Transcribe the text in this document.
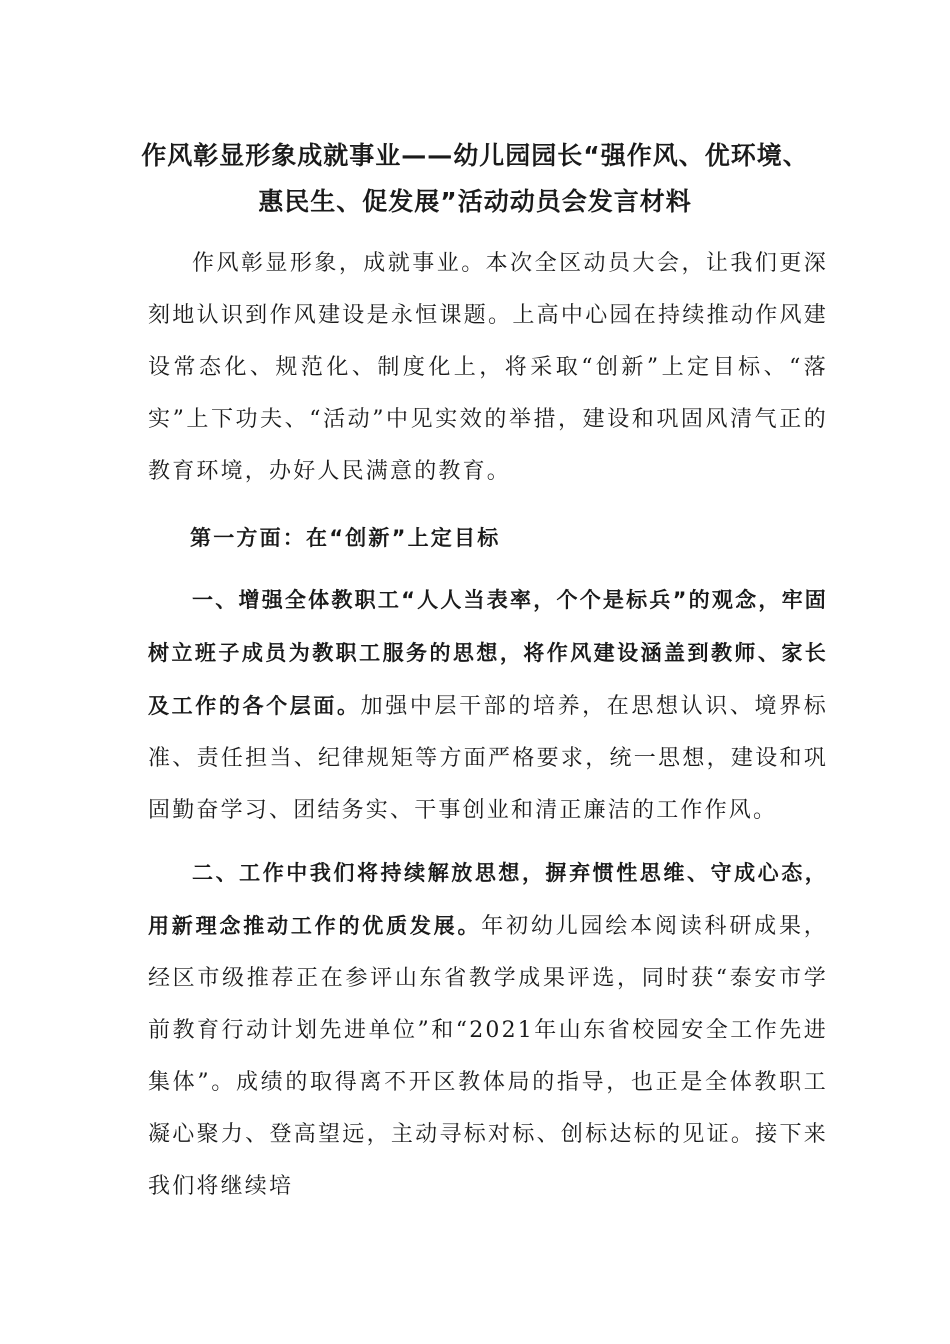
作风彰显形象成就事业——幼儿园园长“强作风、优环境、
惠民生、促发展”活动动员会发言材料

作风彰显形象，成就事业。本次全区动员大会，让我们更深刻地认识到作风建设是永恒课题。上高中心园在持续推动作风建设常态化、规范化、制度化上，将采取“创新”上定目标、“落实”上下功夫、“活动”中见实效的举措，建设和巩固风清气正的教育环境，办好人民满意的教育。

第一方面：在“创新”上定目标

一、增强全体教职工“人人当表率，个个是标兵”的观念，牢固树立班子成员为教职工服务的思想，将作风建设涵盖到教师、家长及工作的各个层面。加强中层干部的培养，在思想认识、境界标准、责任担当、纪律规矩等方面严格要求，统一思想，建设和巩固勤奋学习、团结务实、干事创业和清正廉洁的工作作风。

二、工作中我们将持续解放思想，摒弃惯性思维、守成心态，用新理念推动工作的优质发展。年初幼儿园绘本阅读科研成果，经区市级推荐正在参评山东省教学成果评选，同时获“泰安市学前教育行动计划先进单位”和“2021年山东省校园安全工作先进集体”。成绩的取得离不开区教体局的指导，也正是全体教职工凝心聚力、登高望远，主动寻标对标、创标达标的见证。接下来我们将继续培
